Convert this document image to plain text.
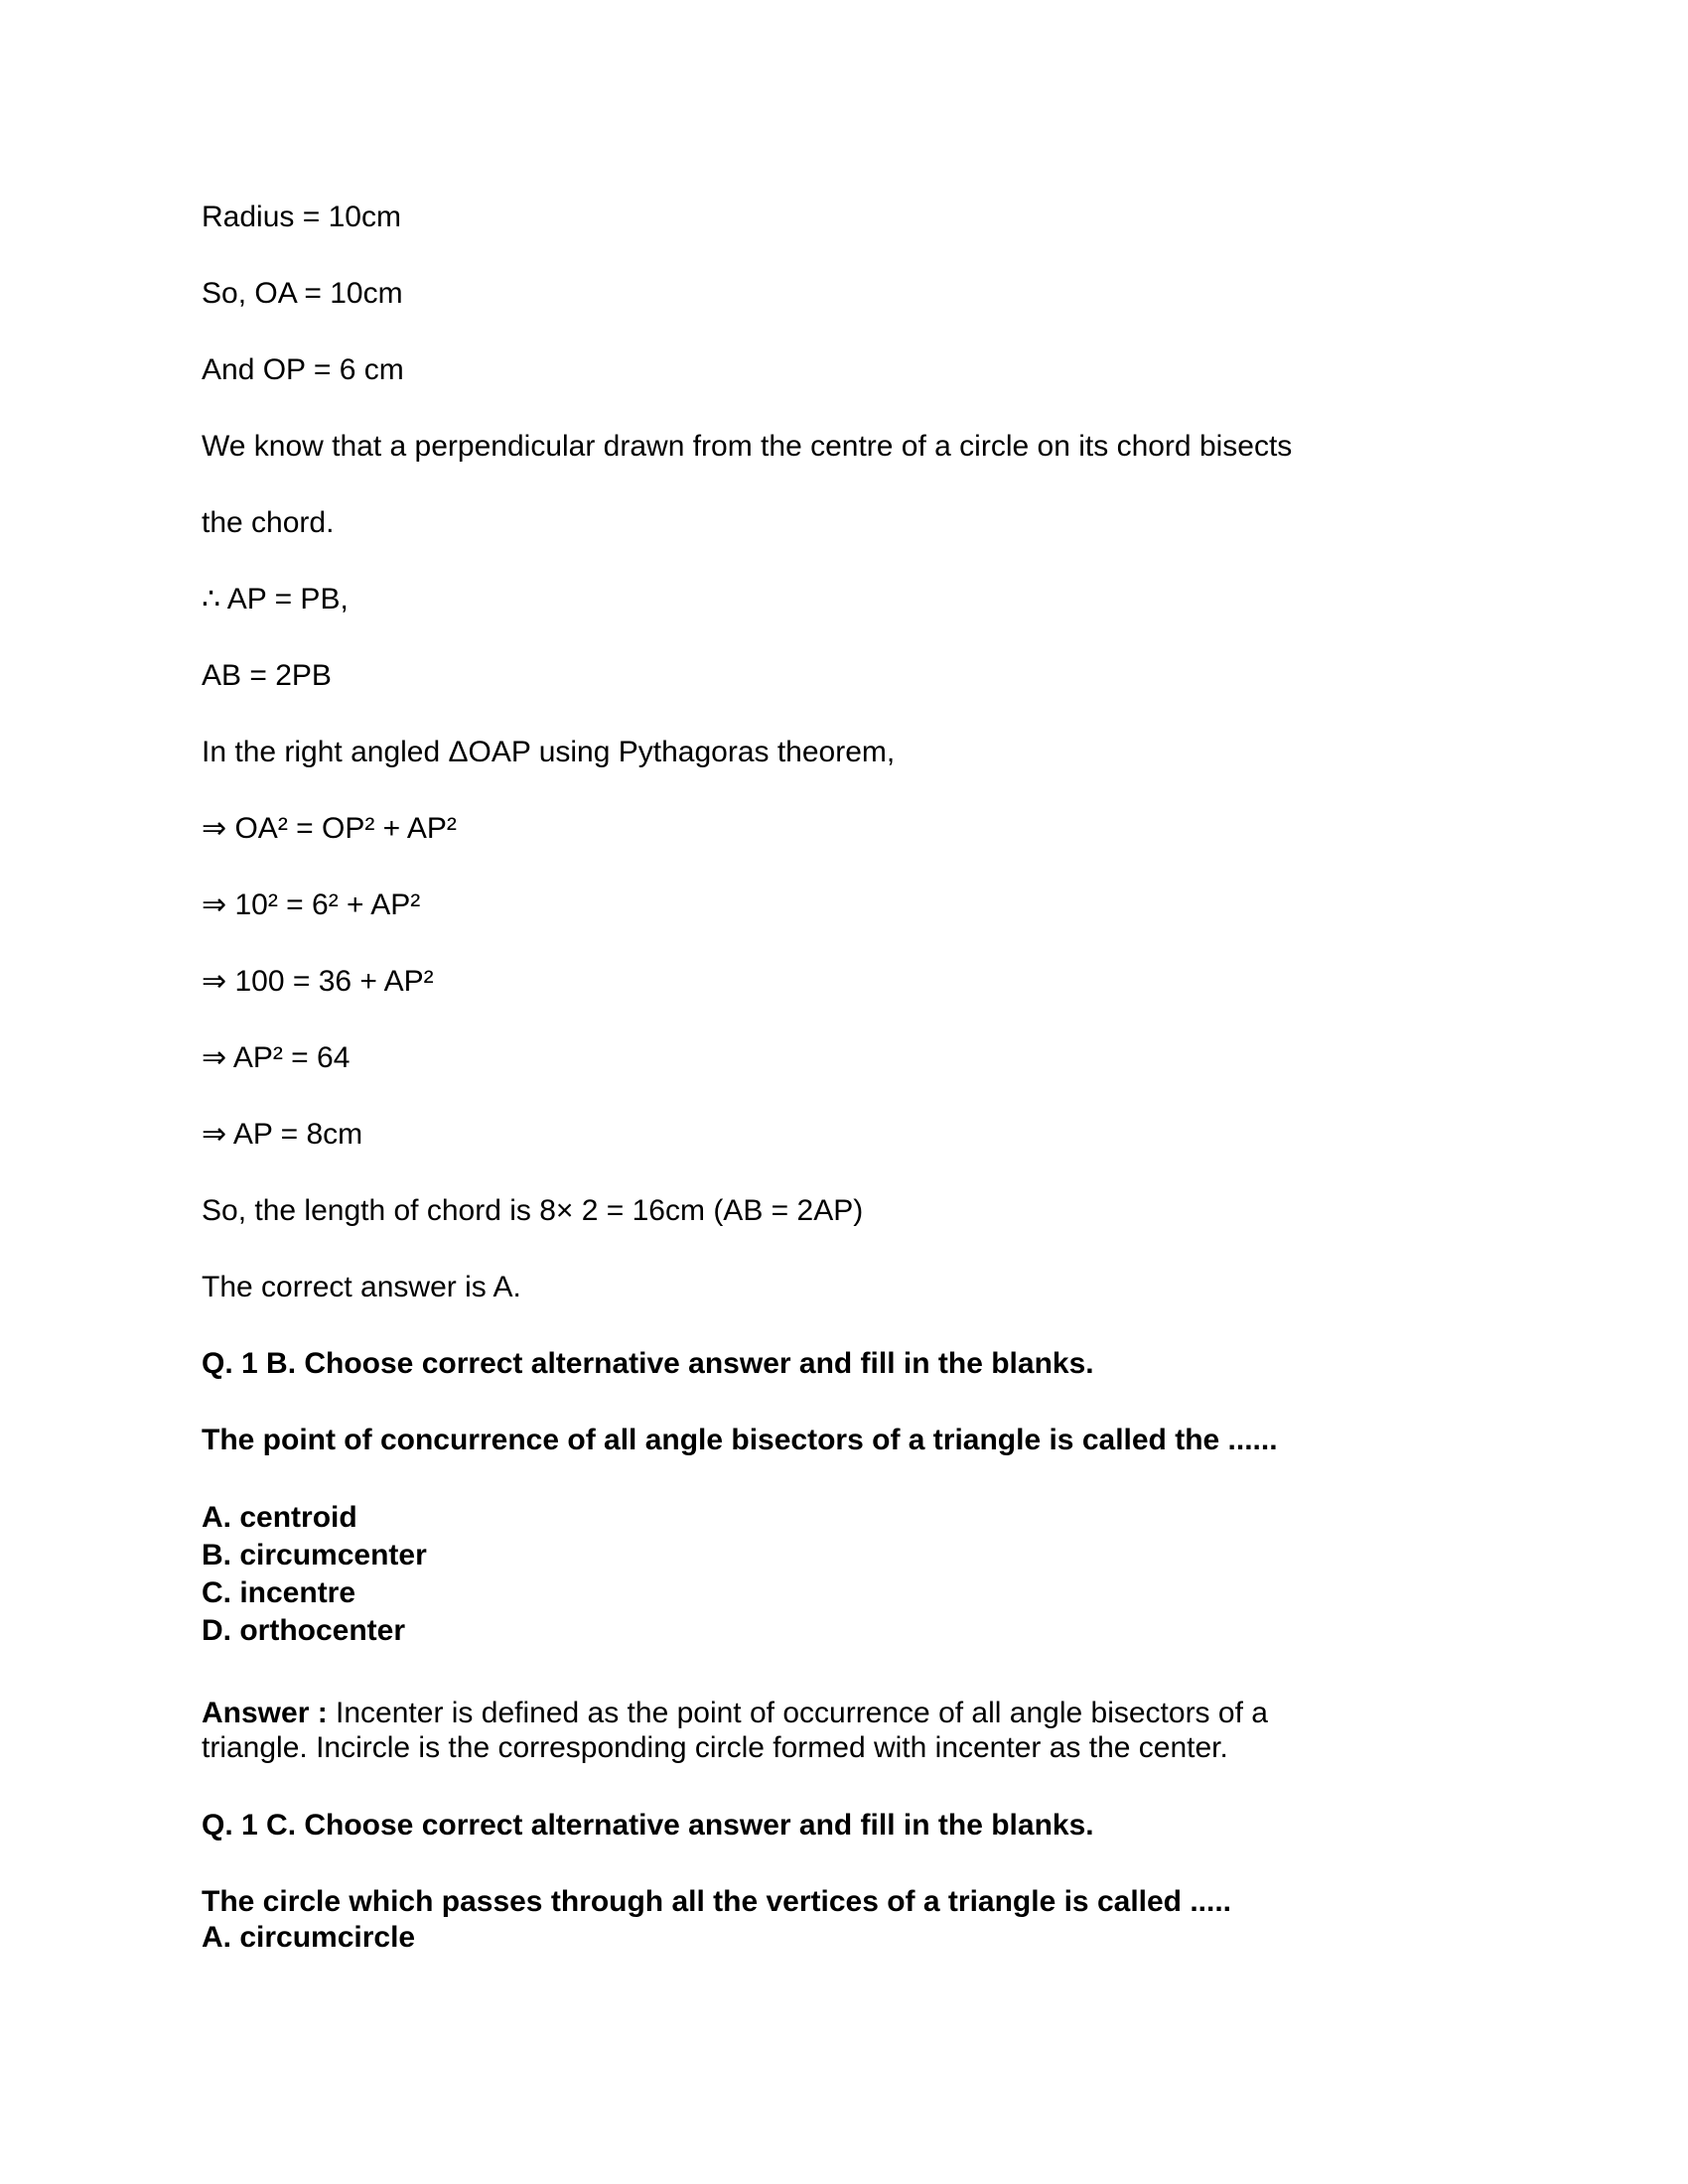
Radius = 10cm
So, OA = 10cm
And OP = 6 cm
We know that a perpendicular drawn from the centre of a circle on its chord bisects
the chord.
∴ AP = PB,
AB = 2PB
In the right angled ΔOAP using Pythagoras theorem,
⇒ OA² = OP² + AP²
⇒ 10² = 6² + AP²
⇒ 100 = 36 + AP²
⇒ AP² = 64
⇒ AP = 8cm
So, the length of chord is 8× 2 = 16cm (AB = 2AP)
The correct answer is A.
Q. 1 B. Choose correct alternative answer and fill in the blanks.
The point of concurrence of all angle bisectors of a triangle is called the ......
A. centroid
B. circumcenter
C. incentre
D. orthocenter
Answer : Incenter is defined as the point of occurrence of all angle bisectors of a
triangle. Incircle is the corresponding circle formed with incenter as the center.
Q. 1 C. Choose correct alternative answer and fill in the blanks.
The circle which passes through all the vertices of a triangle is called .....
A. circumcircle
